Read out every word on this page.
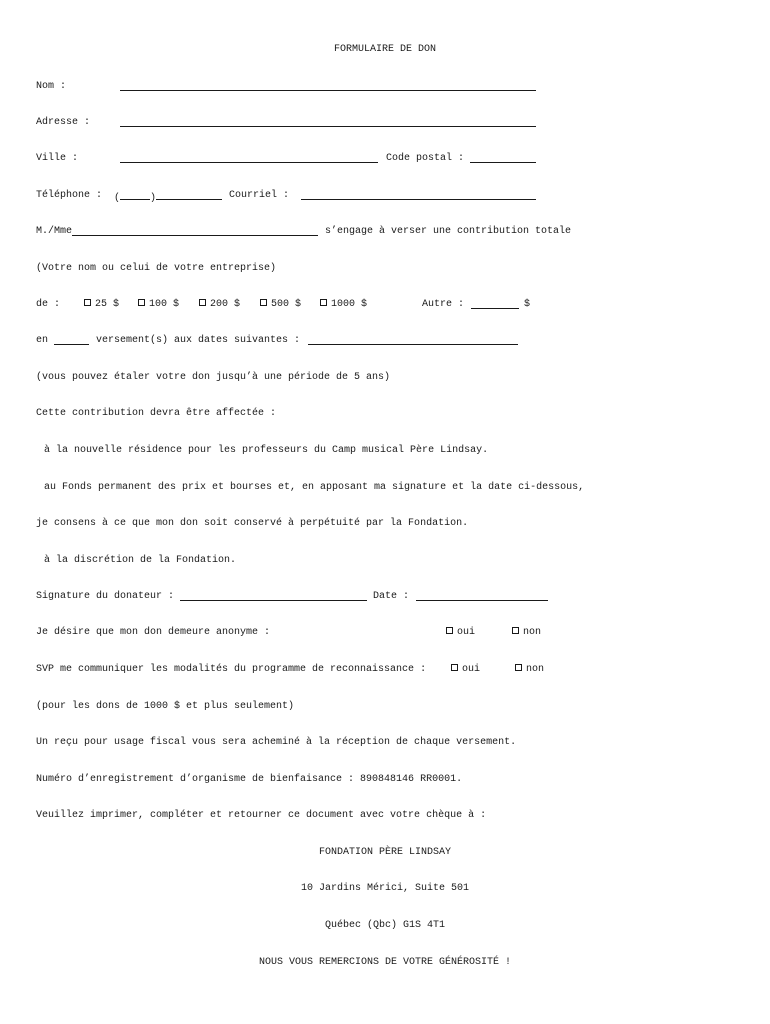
FORMULAIRE DE DON
Nom :
Adresse :
Ville :	Code postal :
Téléphone : (	)	Courriel :
M./Mme	s’engage à verser une contribution totale
(Votre nom ou celui de votre entreprise)
de :	25 $	100 $	200 $	500 $	1000 $	Autre :	$
en	versement(s) aux dates suivantes :
(vous pouvez étaler votre don jusqu’à une période de 5 ans)
Cette contribution devra être affectée :
à la nouvelle résidence pour les professeurs du Camp musical Père Lindsay.
au Fonds permanent des prix et bourses et, en apposant ma signature et la date ci-dessous,
je consens à ce que mon don soit conservé à perpétuité par la Fondation.
à la discrétion de la Fondation.
Signature du donateur :	Date :
Je désire que mon don demeure anonyme :	oui	non
SVP me communiquer les modalités du programme de reconnaissance :	oui	non
(pour les dons de 1000 $ et plus seulement)
Un reçu pour usage fiscal vous sera acheminé à la réception de chaque versement.
Numéro d’enregistrement d’organisme de bienfaisance : 890848146 RR0001.
Veuillez imprimer, compléter et retourner ce document avec votre chèque à :
FONDATION PÈRE LINDSAY
10 Jardins Mérici, Suite 501
Québec (Qbc) G1S 4T1
NOUS VOUS REMERCIONS DE VOTRE GÉNÉROSITÉ !
